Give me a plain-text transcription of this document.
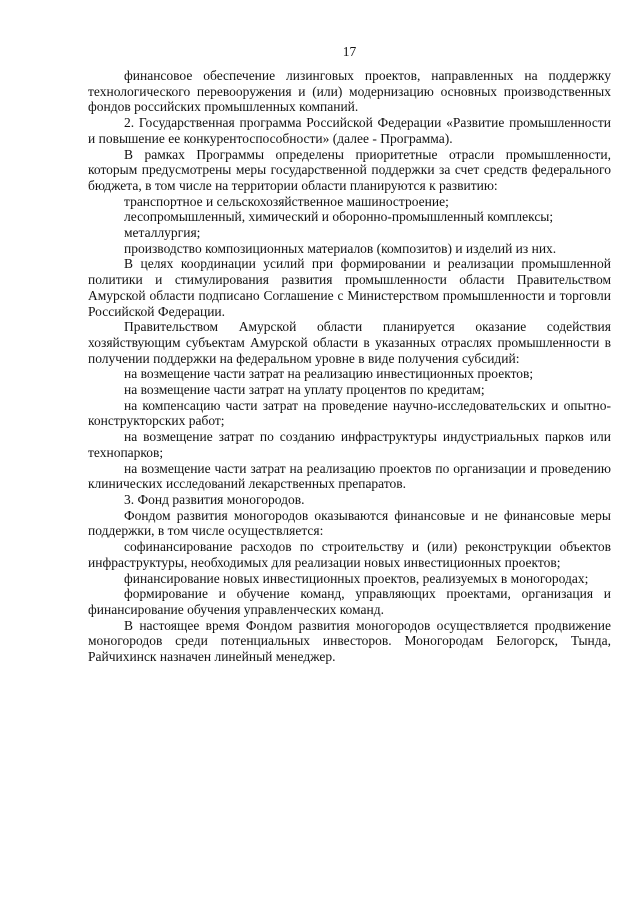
17

финансовое обеспечение лизинговых проектов, направленных на поддержку технологического перевооружения и (или) модернизацию основных производственных фондов российских промышленных компаний.

2. Государственная программа Российской Федерации «Развитие промышленности и повышение ее конкурентоспособности» (далее - Программа).

В рамках Программы определены приоритетные отрасли промышленности, которым предусмотрены меры государственной поддержки за счет средств федерального бюджета, в том числе на территории области планируются к развитию:

транспортное и сельскохозяйственное машиностроение;

лесопромышленный, химический и оборонно-промышленный комплексы;

металлургия;

производство композиционных материалов (композитов) и изделий из них.

В целях координации усилий при формировании и реализации промышленной политики и стимулирования развития промышленности области Правительством Амурской области подписано Соглашение с Министерством промышленности и торговли Российской Федерации.

Правительством Амурской области планируется оказание содействия хозяйствующим субъектам Амурской области в указанных отраслях промышленности в получении поддержки на федеральном уровне в виде получения субсидий:

на возмещение части затрат на реализацию инвестиционных проектов;

на возмещение части затрат на уплату процентов по кредитам;

на компенсацию части затрат на проведение научно-исследовательских и опытно-конструкторских работ;

на возмещение затрат по созданию инфраструктуры индустриальных парков или технопарков;

на возмещение части затрат на реализацию проектов по организации и проведению клинических исследований лекарственных препаратов.

3. Фонд развития моногородов.

Фондом развития моногородов оказываются финансовые и не финансовые меры поддержки, в том числе осуществляется:

софинансирование расходов по строительству и (или) реконструкции объектов инфраструктуры, необходимых для реализации новых инвестиционных проектов;

финансирование новых инвестиционных проектов, реализуемых в моногородах;

формирование и обучение команд, управляющих проектами, организация и финансирование обучения управленческих команд.

В настоящее время Фондом развития моногородов осуществляется продвижение моногородов среди потенциальных инвесторов. Моногородам Белогорск, Тында, Райчихинск назначен линейный менеджер.
